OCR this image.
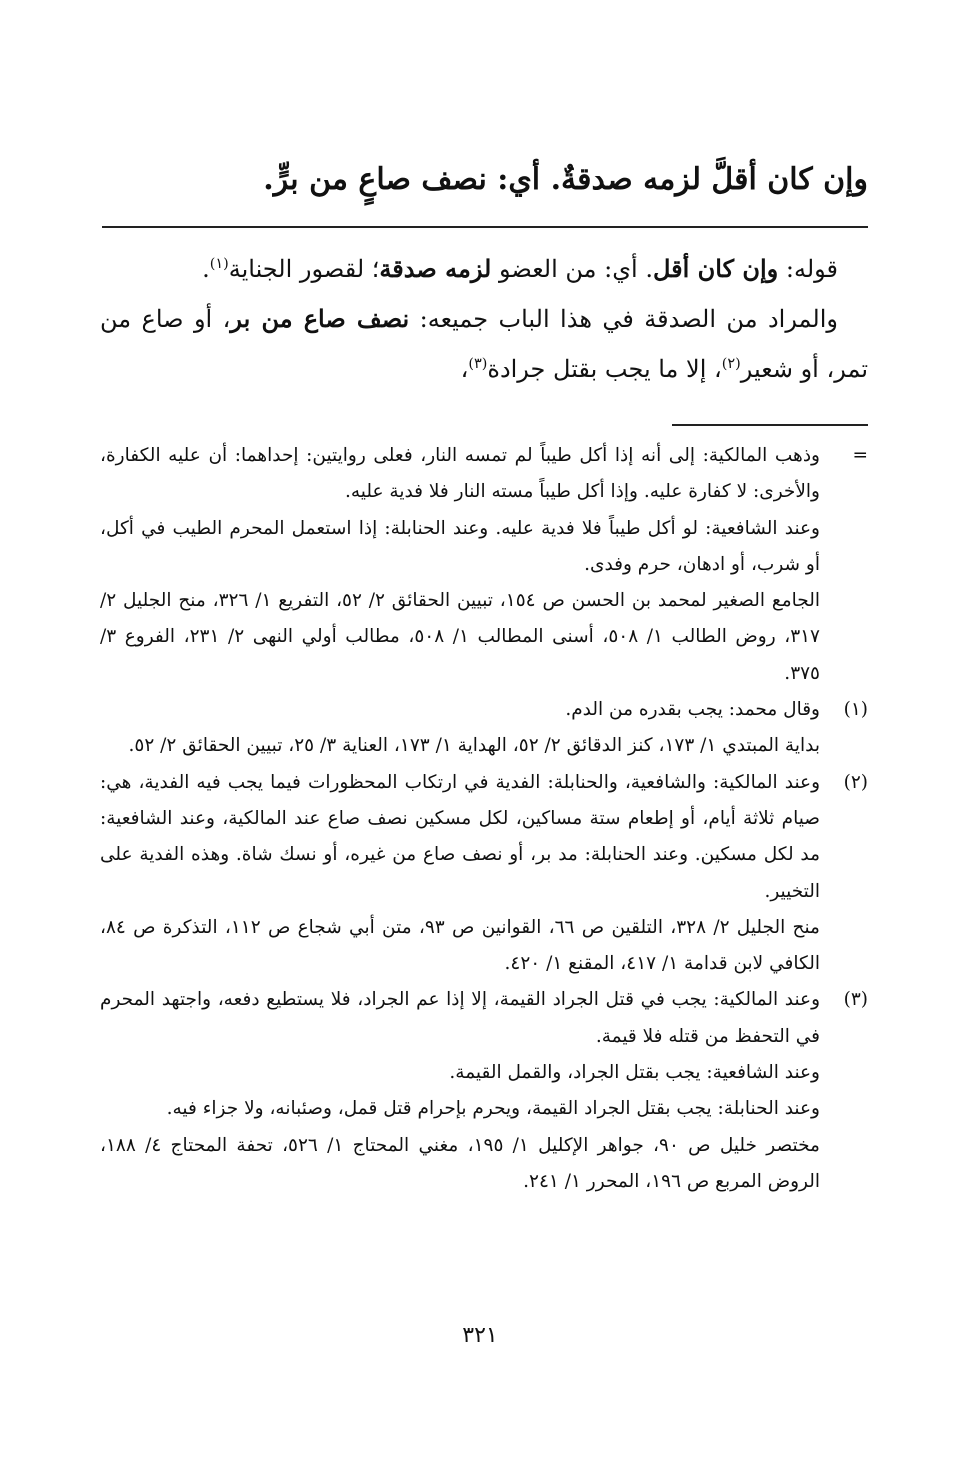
وإن كان أقلَّ لزمه صدقةٌ. أي: نصف صاعٍ من برٍّ.

قوله: وإن كان أقل. أي: من العضو لزمه صدقة؛ لقصور الجناية$^{(١)}$.

والمراد من الصدقة في هذا الباب جميعه: نصف صاع من بر، أو صاع من تمر، أو شعير$^{(٢)}$، إلا ما يجب بقتل جرادة$^{(٣)}$،

=

وذهب المالكية: إلى أنه إذا أكل طيباً لم تمسه النار، فعلى روايتين: إحداهما: أن عليه الكفارة، والأخرى: لا كفارة عليه. وإذا أكل طيباً مسته النار فلا فدية عليه.

وعند الشافعية: لو أكل طيباً فلا فدية عليه. وعند الحنابلة: إذا استعمل المحرم الطيب في أكل، أو شرب، أو ادهان، حرم وفدى.

الجامع الصغير لمحمد بن الحسن ص ١٥٤، تبيين الحقائق ٢/ ٥٢، التفريع ١/ ٣٢٦، منح الجليل ٢/ ٣١٧، روض الطالب ١/ ٥٠٨، أسنى المطالب ١/ ٥٠٨، مطالب أولي النهى ٢/ ٢٣١، الفروع ٣/ ٣٧٥.

(١)

وقال محمد: يجب بقدره من الدم.

بداية المبتدي ١/ ١٧٣، كنز الدقائق ٢/ ٥٢، الهداية ١/ ١٧٣، العناية ٣/ ٢٥، تبيين الحقائق ٢/ ٥٢.

(٢)

وعند المالكية: والشافعية، والحنابلة: الفدية في ارتكاب المحظورات فيما يجب فيه الفدية، هي: صيام ثلاثة أيام، أو إطعام ستة مساكين، لكل مسكين نصف صاع عند المالكية، وعند الشافعية: مد لكل مسكين. وعند الحنابلة: مد بر، أو نصف صاع من غيره، أو نسك شاة. وهذه الفدية على التخيير.

منح الجليل ٢/ ٣٢٨، التلقين ص ٦٦، القوانين ص ٩٣، متن أبي شجاع ص ١١٢، التذكرة ص ٨٤، الكافي لابن قدامة ١/ ٤١٧، المقنع ١/ ٤٢٠.

(٣)

وعند المالكية: يجب في قتل الجراد القيمة، إلا إذا عم الجراد، فلا يستطيع دفعه، واجتهد المحرم في التحفظ من قتله فلا قيمة.

وعند الشافعية: يجب بقتل الجراد، والقمل القيمة.

وعند الحنابلة: يجب بقتل الجراد القيمة، ويحرم بإحرام قتل قمل، وصئبانه، ولا جزاء فيه.

مختصر خليل ص ٩٠، جواهر الإكليل ١/ ١٩٥، مغني المحتاج ١/ ٥٢٦، تحفة المحتاج ٤/ ١٨٨، الروض المربع ص ١٩٦، المحرر ١/ ٢٤١.

٣٢١
